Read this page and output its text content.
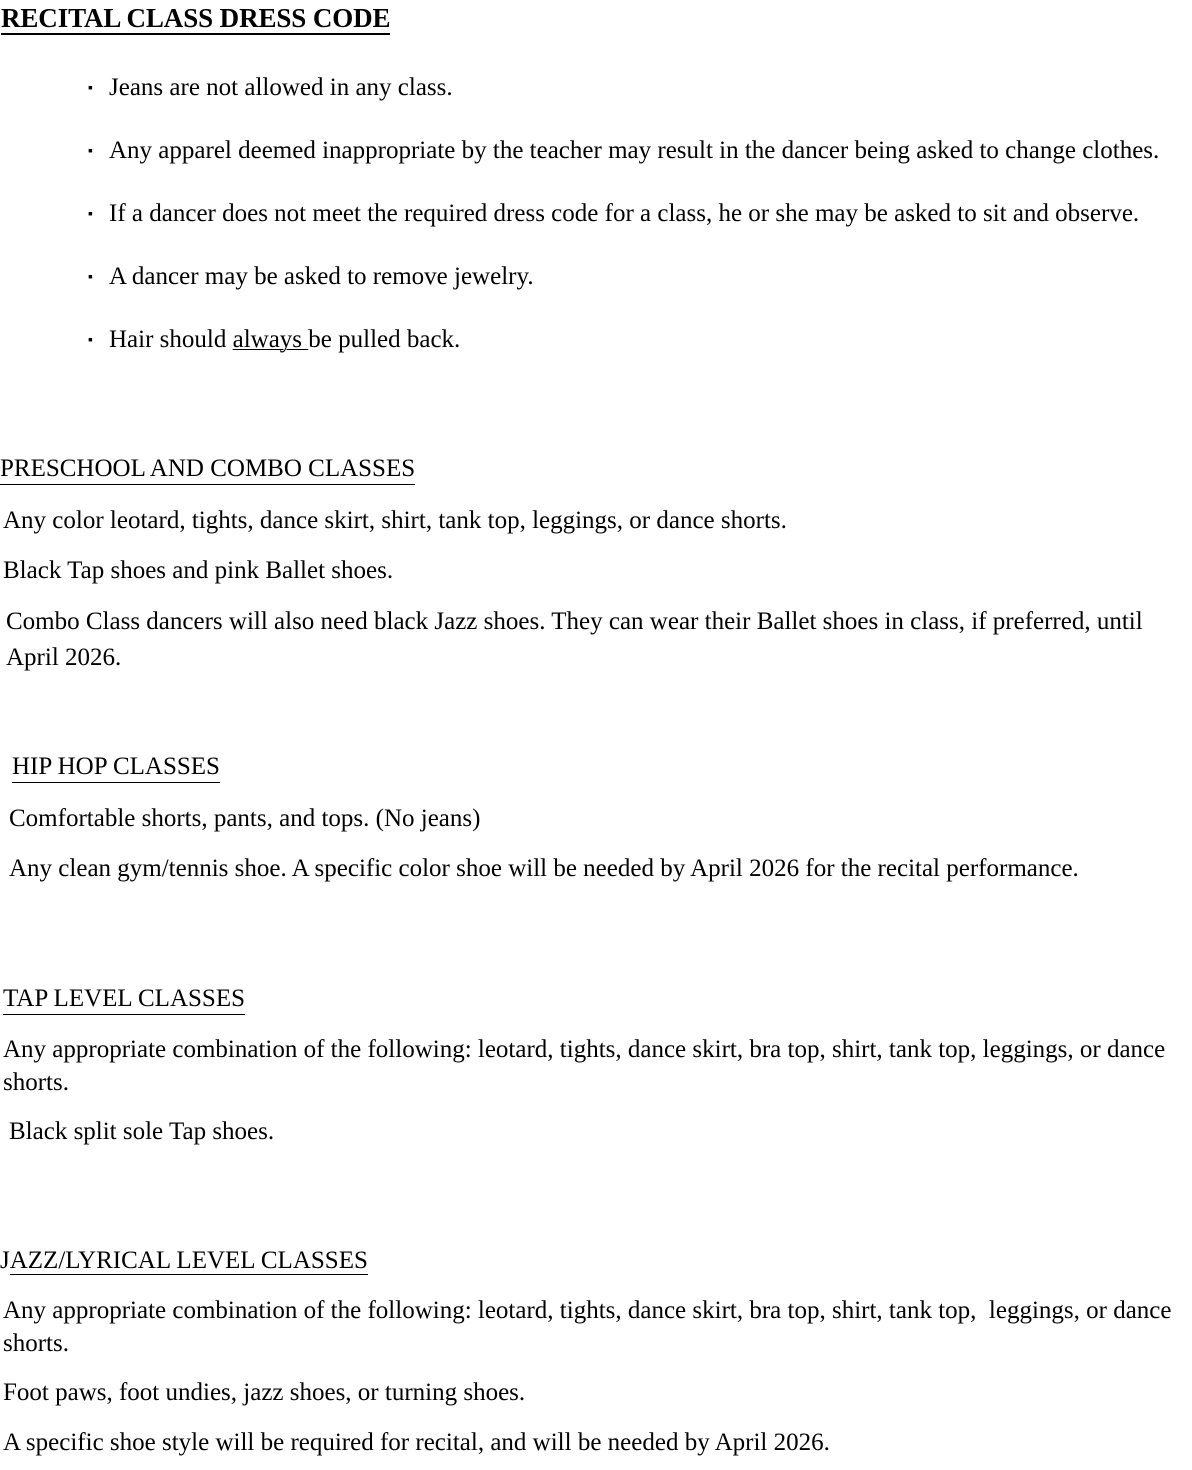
RECITAL CLASS DRESS CODE

▪ Jeans are not allowed in any class.

▪ Any apparel deemed inappropriate by the teacher may result in the dancer being asked to change clothes.

▪ If a dancer does not meet the required dress code for a class, he or she may be asked to sit and observe.

▪ A dancer may be asked to remove jewelry.

▪ Hair should always be pulled back.

PRESCHOOL AND COMBO CLASSES

Any color leotard, tights, dance skirt, shirt, tank top, leggings, or dance shorts.

Black Tap shoes and pink Ballet shoes.

Combo Class dancers will also need black Jazz shoes. They can wear their Ballet shoes in class, if preferred, until April 2026.

HIP HOP CLASSES

Comfortable shorts, pants, and tops. (No jeans)

Any clean gym/tennis shoe. A specific color shoe will be needed by April 2026 for the recital performance.

TAP LEVEL CLASSES

Any appropriate combination of the following: leotard, tights, dance skirt, bra top, shirt, tank top, leggings, or dance shorts.

Black split sole Tap shoes.

JAZZ/LYRICAL LEVEL CLASSES

Any appropriate combination of the following: leotard, tights, dance skirt, bra top, shirt, tank top,  leggings, or dance shorts.

Foot paws, foot undies, jazz shoes, or turning shoes.

A specific shoe style will be required for recital, and will be needed by April 2026.
